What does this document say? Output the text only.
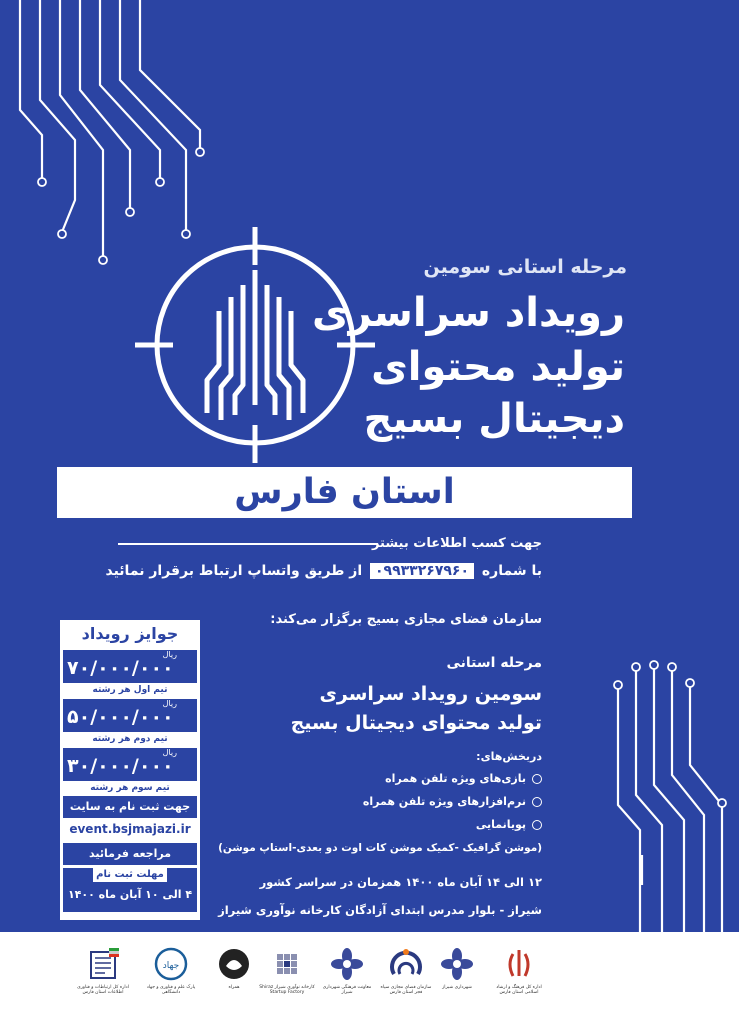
مرحله استانی سومین
رویداد سراسری
تولید محتوای
دیجیتال بسیج
استان فارس
جهت کسب اطلاعات بیشتر
با شماره ۰۹۹۳۳۲۶۷۹۶۰ از طریق واتساپ ارتباط برقرار نمائید
سازمان فضای مجازی بسیج برگزار می‌کند:
مرحله استانی
سومین رویداد سراسری
تولید محتوای دیجیتال بسیج
دربخش‌های:
بازی‌های ویژه تلفن همراه
نرم‌افزارهای ویژه تلفن همراه
پویانمایی
(موشن گرافیک -کمیک موشن کات اوت دو بعدی-استاپ موشن)
۱۲ الی ۱۴ آبان ماه ۱۴۰۰ همزمان در سراسر کشور
شیراز - بلوار مدرس ابتدای آزادگان کارخانه نوآوری شیراز
جوایز رویداد
۷۰/۰۰۰/۰۰۰
ریال
تیم اول هر رشته
۵۰/۰۰۰/۰۰۰
ریال
تیم دوم هر رشته
۳۰/۰۰۰/۰۰۰
ریال
تیم سوم هر رشته
جهت ثبت نام به سایت
event.bsjmajazi.ir
مراجعه فرمائید
مهلت ثبت نام
۴ الی ۱۰ آبان ماه ۱۴۰۰
اداره کل ارتباطات و فناوری اطلاعات استان فارس
جهاد
پارک علم و فناوری و جهاد دانشگاهی
همراه	کارخانه نوآوری شیراز Shiraz Startup Factory
معاونت فرهنگی شهرداری شیراز
سازمان فضای مجازی سپاه فجر استان فارس
شهرداری شیراز	اداره کل فرهنگ و ارشاد اسلامی استان فارس
